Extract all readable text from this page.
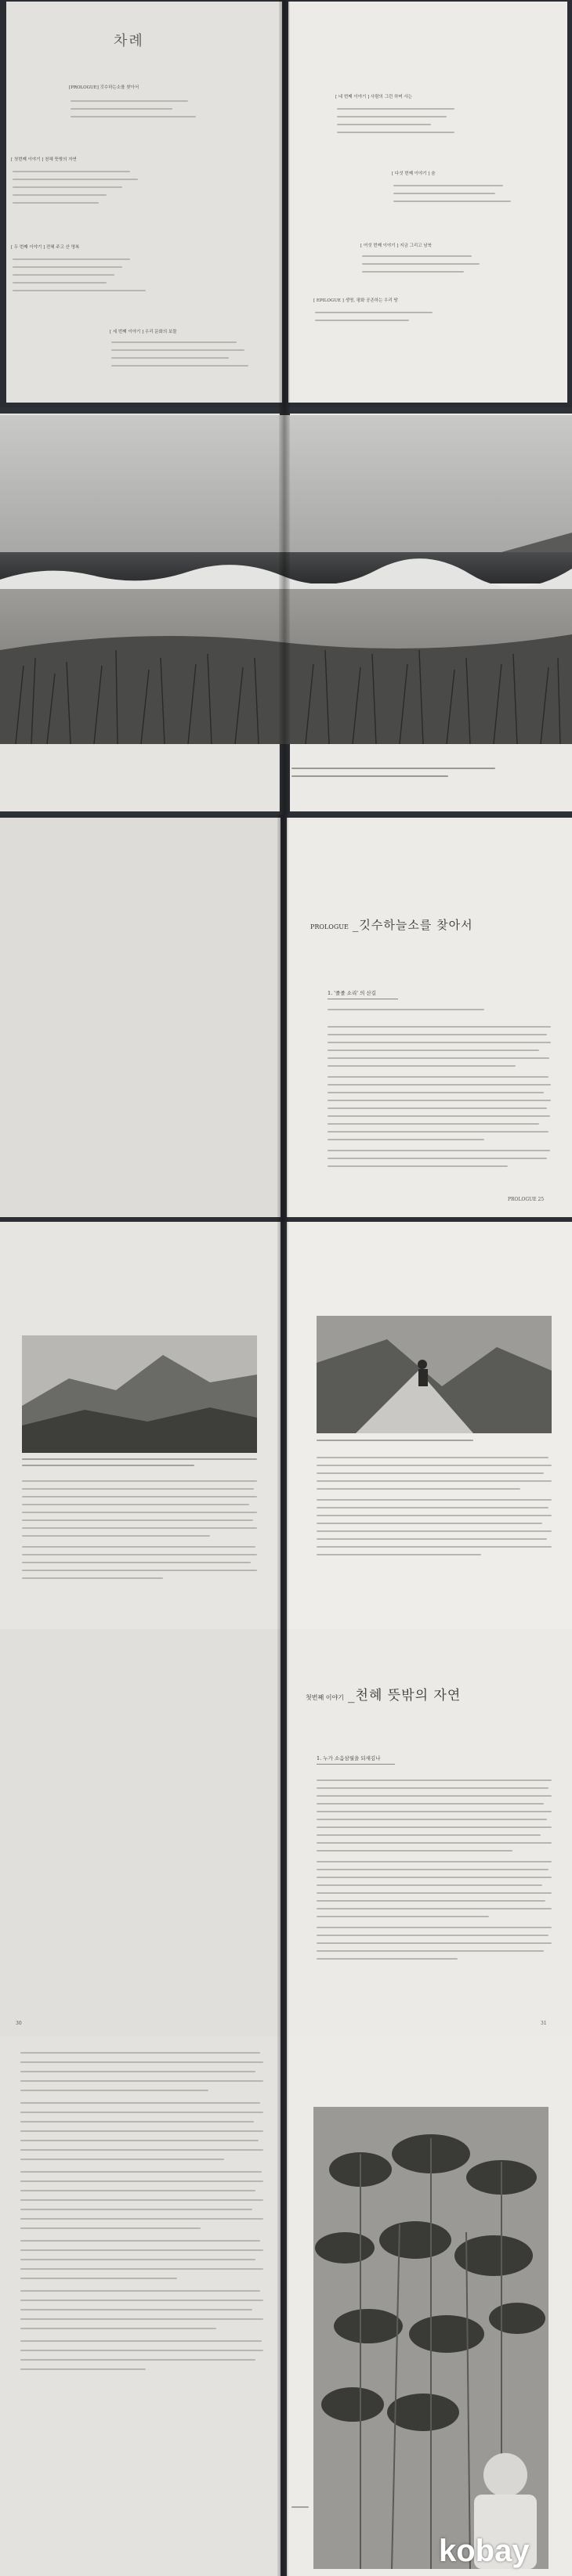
차례
[PROLOGUE] 깃수하는소를 찾아서
[ 첫번째 이야기 ] 천혜 뜻밖의 자연
[ 두 번째 이야기 ] 전혜 주고 산 명복
[ 세 번째 이야기 ] 우리 문화의 보물
[ 네 번째 이야기 ] 사람의 그런 하며 사는
[ 다섯 번째 이야기 ] 숨
[ 여섯 번째 이야기 ] 지금 그리고 남북
[ EPILOGUE ] 생명, 평화 공존하는 우리 땅
PROLOGUE _깃수하늘소를 찾아서
1. '졸졸 소리' 의 산길
PROLOGUE 25
첫번째 이야기 _천혜 뜻밖의 자연
1. 누가 소음삼월을 되새김나
30	31
kobay
